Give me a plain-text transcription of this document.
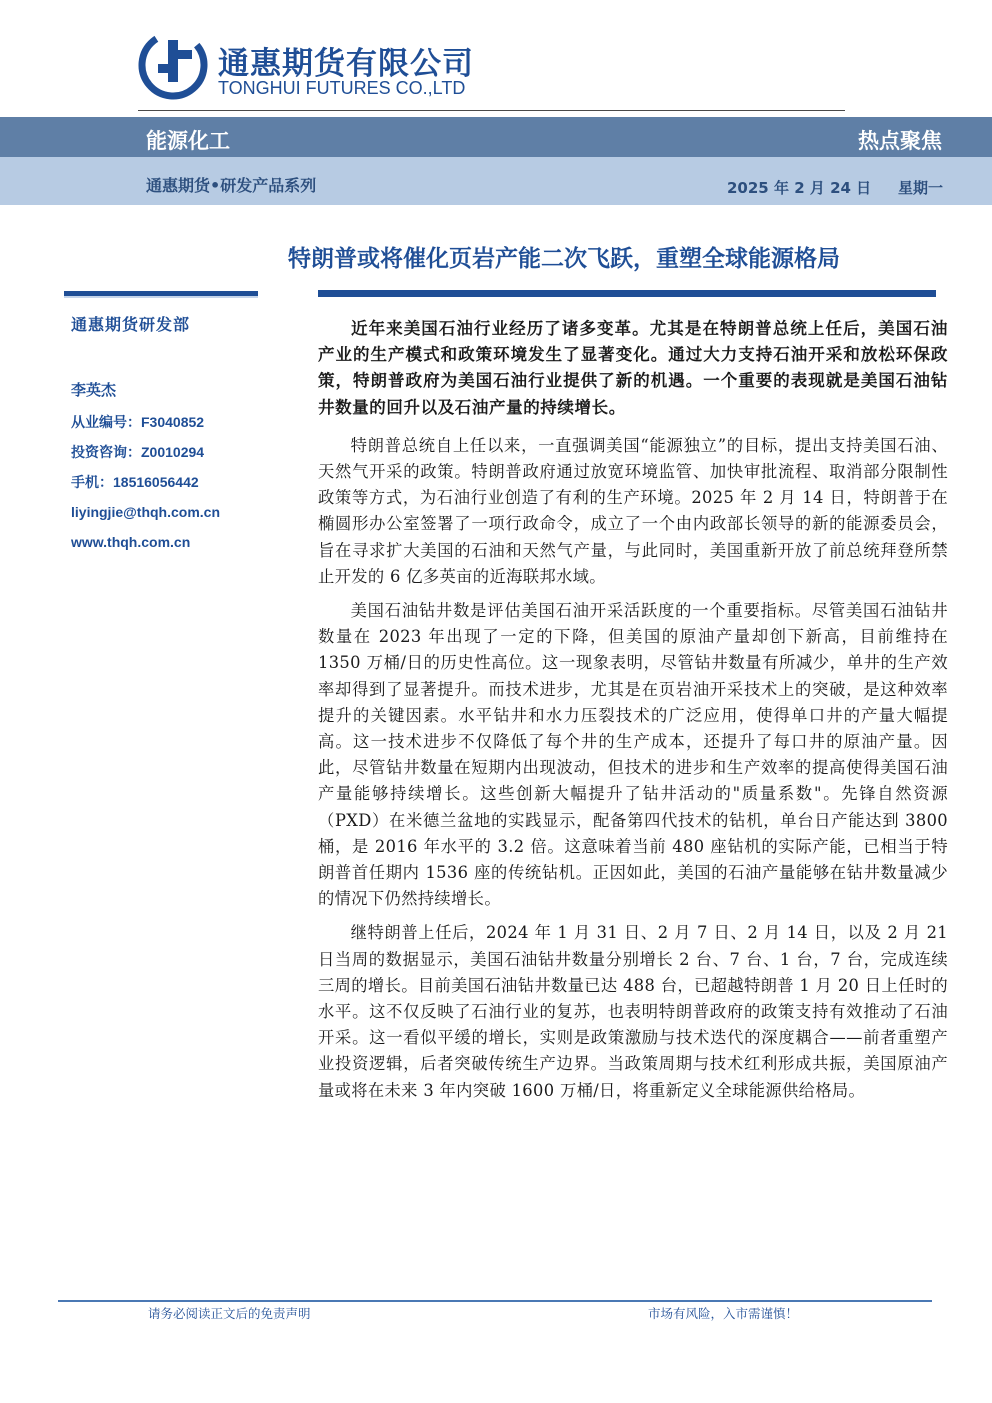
通惠期货有限公司
TONGHUI FUTURES CO.,LTD
能源化工	热点聚焦
通惠期货•研发产品系列	2025 年 2 月 24 日 星期一
特朗普或将催化页岩产能二次飞跃，重塑全球能源格局
通惠期货研发部
李英杰
从业编号：F3040852
投资咨询：Z0010294
手机：18516056442
liyingjie@thqh.com.cn
www.thqh.com.cn

近年来美国石油行业经历了诸多变革。尤其是在特朗普总统上任后，美国石油产业的生产模式和政策环境发生了显著变化。通过大力支持石油开采和放松环保政策，特朗普政府为美国石油行业提供了新的机遇。一个重要的表现就是美国石油钻井数量的回升以及石油产量的持续增长。

特朗普总统自上任以来，一直强调美国“能源独立”的目标，提出支持美国石油、天然气开采的政策。特朗普政府通过放宽环境监管、加快审批流程、取消部分限制性政策等方式，为石油行业创造了有利的生产环境。2025 年 2 月 14 日，特朗普于在椭圆形办公室签署了一项行政命令，成立了一个由内政部长领导的新的能源委员会，旨在寻求扩大美国的石油和天然气产量，与此同时，美国重新开放了前总统拜登所禁止开发的 6 亿多英亩的近海联邦水域。

美国石油钻井数是评估美国石油开采活跃度的一个重要指标。尽管美国石油钻井数量在 2023 年出现了一定的下降，但美国的原油产量却创下新高，目前维持在 1350 万桶/日的历史性高位。这一现象表明，尽管钻井数量有所减少，单井的生产效率却得到了显著提升。而技术进步，尤其是在页岩油开采技术上的突破，是这种效率提升的关键因素。水平钻井和水力压裂技术的广泛应用，使得单口井的产量大幅提高。这一技术进步不仅降低了每个井的生产成本，还提升了每口井的原油产量。因此，尽管钻井数量在短期内出现波动，但技术的进步和生产效率的提高使得美国石油产量能够持续增长。这些创新大幅提升了钻井活动的"质量系数"。先锋自然资源（PXD）在米德兰盆地的实践显示，配备第四代技术的钻机，单台日产能达到 3800 桶，是 2016 年水平的 3.2 倍。这意味着当前 480 座钻机的实际产能，已相当于特朗普首任期内 1536 座的传统钻机。正因如此，美国的石油产量能够在钻井数量减少的情况下仍然持续增长。

继特朗普上任后，2024 年 1 月 31 日、2 月 7 日、2 月 14 日，以及 2 月 21 日当周的数据显示，美国石油钻井数量分别增长 2 台、7 台、1 台，7 台，完成连续三周的增长。目前美国石油钻井数量已达 488 台，已超越特朗普 1 月 20 日上任时的水平。这不仅反映了石油行业的复苏，也表明特朗普政府的政策支持有效推动了石油开采。这一看似平缓的增长，实则是政策激励与技术迭代的深度耦合——前者重塑产业投资逻辑，后者突破传统生产边界。当政策周期与技术红利形成共振，美国原油产量或将在未来 3 年内突破 1600 万桶/日，将重新定义全球能源供给格局。

请务必阅读正文后的免责声明	市场有风险，入市需谨慎！
